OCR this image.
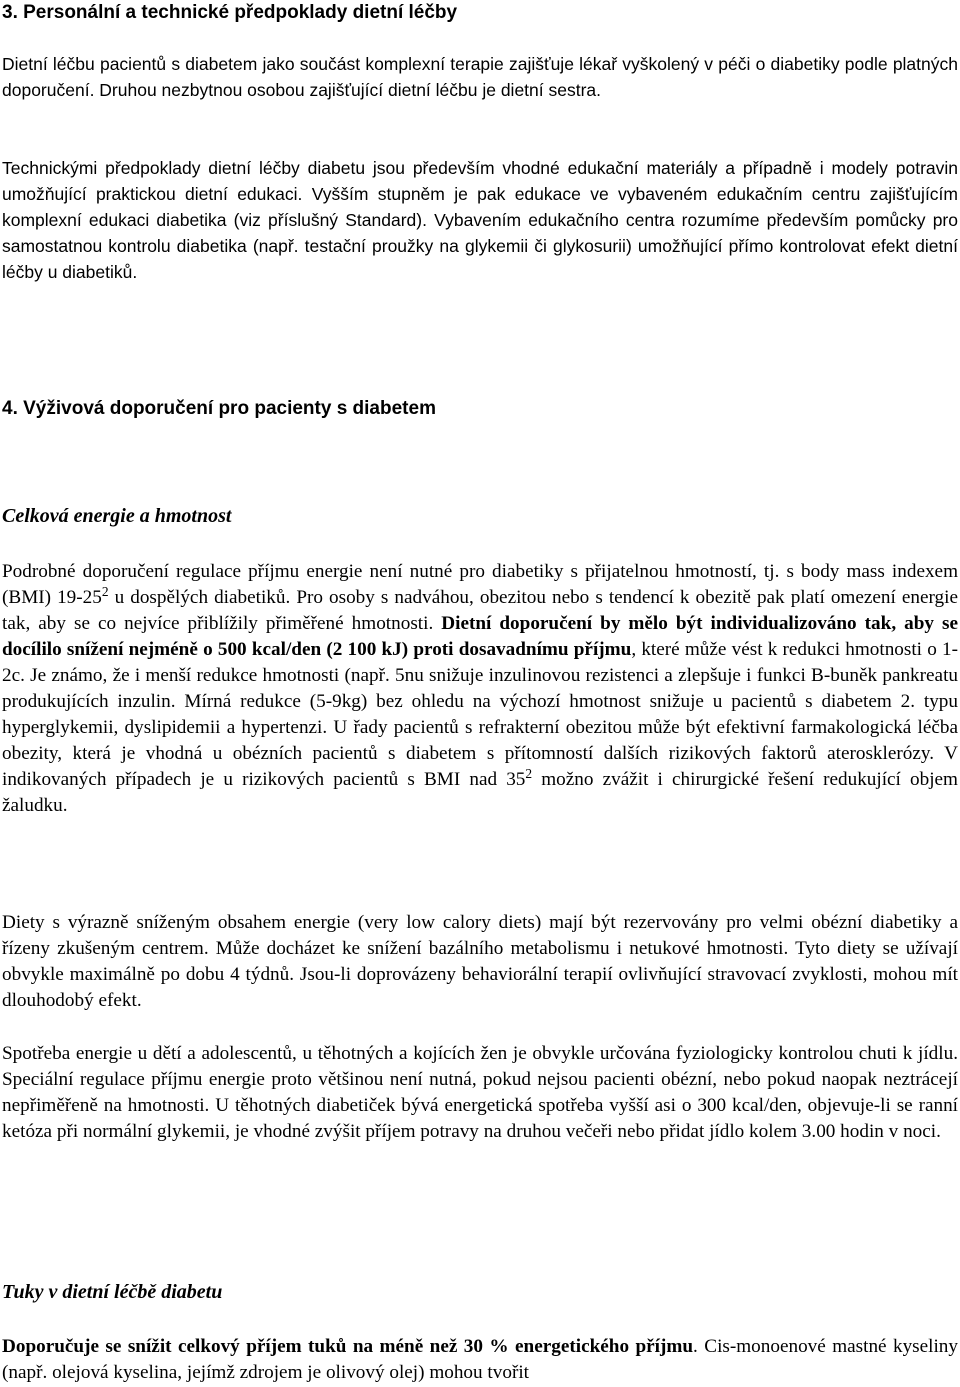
3. Personální a technické předpoklady dietní léčby

Dietní léčbu pacientů s diabetem jako součást komplexní terapie zajišťuje lékař vyškolený v péči o diabetiky podle platných doporučení. Druhou nezbytnou osobou zajišťující dietní léčbu je dietní sestra.

Technickými předpoklady dietní léčby diabetu jsou především vhodné edukační materiály a případně i modely potravin umožňující praktickou dietní edukaci. Vyšším stupněm je pak edukace ve vybaveném edukačním centru zajišťujícím komplexní edukaci diabetika (viz příslušný Standard). Vybavením edukačního centra rozumíme především pomůcky pro samostatnou kontrolu diabetika (např. testační proužky na glykemii či glykosurii) umožňující přímo kontrolovat efekt dietní léčby u diabetiků.

4. Výživová doporučení pro pacienty s diabetem
Celková energie a hmotnost

Podrobné doporučení regulace příjmu energie není nutné pro diabetiky s přijatelnou hmotností, tj. s body mass indexem (BMI) $19-25^2$ u dospělých diabetiků. Pro osoby s nadváhou, obezitou nebo s tendencí k obezitě pak platí omezení energie tak, aby se co nejvíce přiblížily přiměřené hmotnosti. Dietní doporučení by mělo být individualizováno tak, aby se docílilo snížení nejméně o 500 kcal/den (2 100 kJ) proti dosavadnímu příjmu, které může vést k redukci hmotnosti o 1-2c. Je známo, že i menší redukce hmotnosti (např. 5nu snižuje inzulinovou rezistenci a zlepšuje i funkci B-buněk pankreatu produkujících inzulin. Mírná redukce (5-9kg) bez ohledu na výchozí hmotnost snižuje u pacientů s diabetem 2. typu hyperglykemii, dyslipidemii a hypertenzi. U řady pacientů s refrakterní obezitou může být efektivní farmakologická léčba obezity, která je vhodná u obézních pacientů s diabetem s přítomností dalších rizikových faktorů aterosklerózy. V indikovaných případech je u rizikových pacientů s BMI nad $35^2$ možno zvážit i chirurgické řešení redukující objem žaludku.

Diety s výrazně sníženým obsahem energie (very low calory diets) mají být rezervovány pro velmi obézní diabetiky a řízeny zkušeným centrem. Může docházet ke snížení bazálního metabolismu i netukové hmotnosti. Tyto diety se užívají obvykle maximálně po dobu 4 týdnů. Jsou-li doprovázeny behaviorální terapií ovlivňující stravovací zvyklosti, mohou mít dlouhodobý efekt.

Spotřeba energie u dětí a adolescentů, u těhotných a kojících žen je obvykle určována fyziologicky kontrolou chuti k jídlu. Speciální regulace příjmu energie proto většinou není nutná, pokud nejsou pacienti obézní, nebo pokud naopak neztrácejí nepřiměřeně na hmotnosti. U těhotných diabetiček bývá energetická spotřeba vyšší asi o 300 kcal/den, objevuje-li se ranní ketóza při normální glykemii, je vhodné zvýšit příjem potravy na druhou večeři nebo přidat jídlo kolem 3.00 hodin v noci.

Tuky v dietní léčbě diabetu

Doporučuje se snížit celkový příjem tuků na méně než 30 % energetického příjmu. Cis-monoenové mastné kyseliny (např. olejová kyselina, jejímž zdrojem je olivový olej) mohou tvořit
